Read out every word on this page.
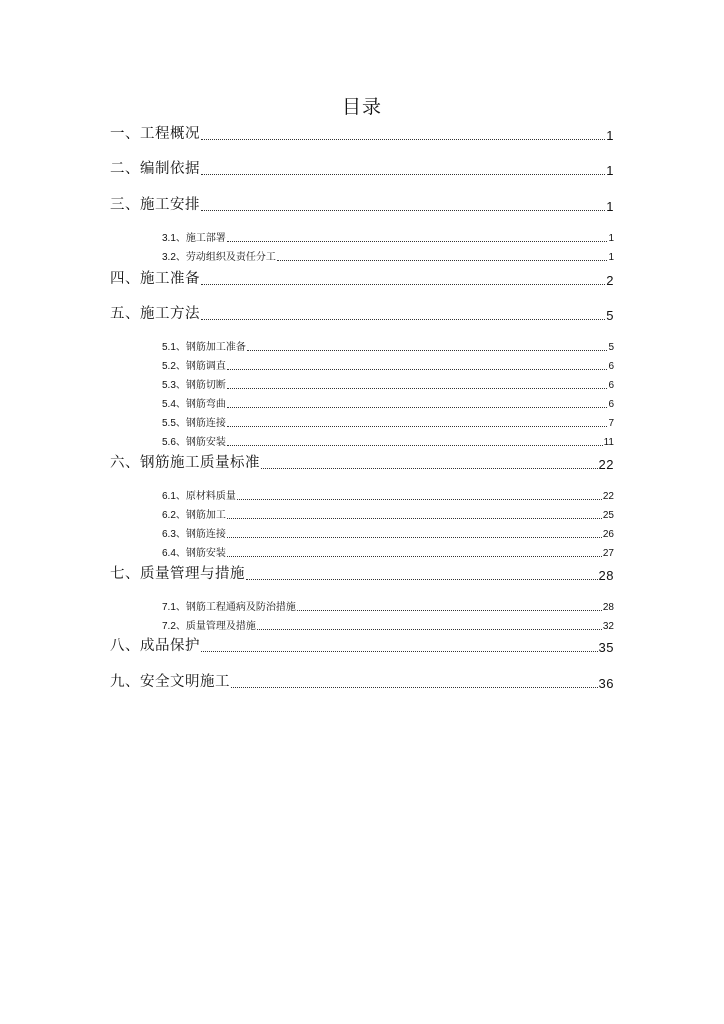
目录
一、工程概况	1
二、编制依据	1
三、施工安排	1
3.1、施工部署	1
3.2、劳动组织及责任分工	1
四、施工准备	2
五、施工方法	5
5.1、钢筋加工准备	5
5.2、钢筋调直	6
5.3、钢筋切断	6
5.4、钢筋弯曲	6
5.5、钢筋连接	7
5.6、钢筋安装	11
六、钢筋施工质量标准	22
6.1、原材料质量	22
6.2、钢筋加工	25
6.3、钢筋连接	26
6.4、钢筋安装	27
七、质量管理与措施	28
7.1、钢筋工程通病及防治措施	28
7.2、质量管理及措施	32
八、成品保护	35
九、安全文明施工	36
